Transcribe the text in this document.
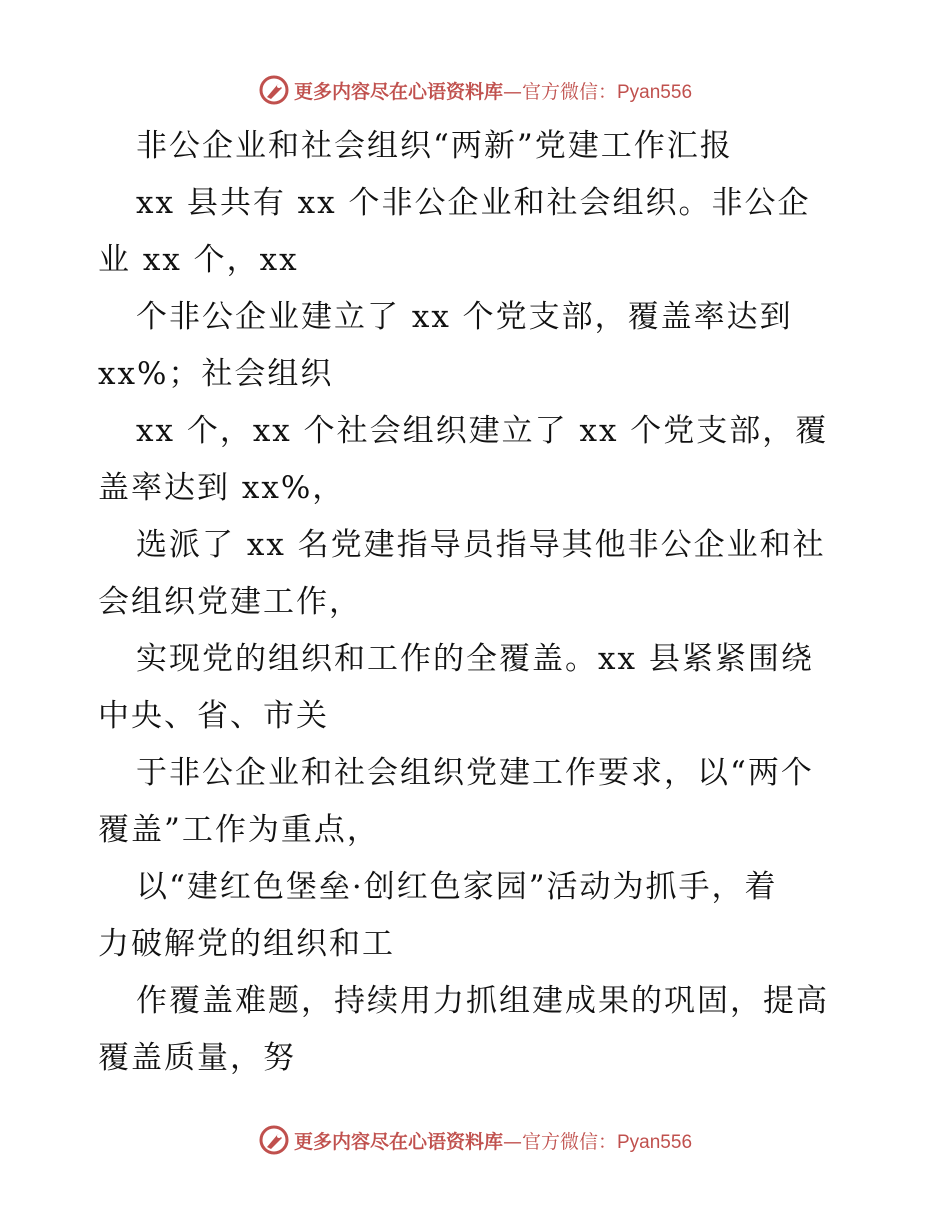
更多内容尽在心语资料库—官方微信：Pyan556
非公企业和社会组织“两新”党建工作汇报
xx 县共有 xx 个非公企业和社会组织。非公企
业 xx 个，xx
个非公企业建立了 xx 个党支部，覆盖率达到
xx%；社会组织
xx 个，xx 个社会组织建立了 xx 个党支部，覆
盖率达到 xx%，
选派了 xx 名党建指导员指导其他非公企业和社
会组织党建工作，
实现党的组织和工作的全覆盖。xx 县紧紧围绕
中央、省、市关
于非公企业和社会组织党建工作要求，以“两个
覆盖”工作为重点，
以“建红色堡垒·创红色家园”活动为抓手，着
力破解党的组织和工
作覆盖难题，持续用力抓组建成果的巩固，提高
覆盖质量，努
更多内容尽在心语资料库—官方微信：Pyan556
